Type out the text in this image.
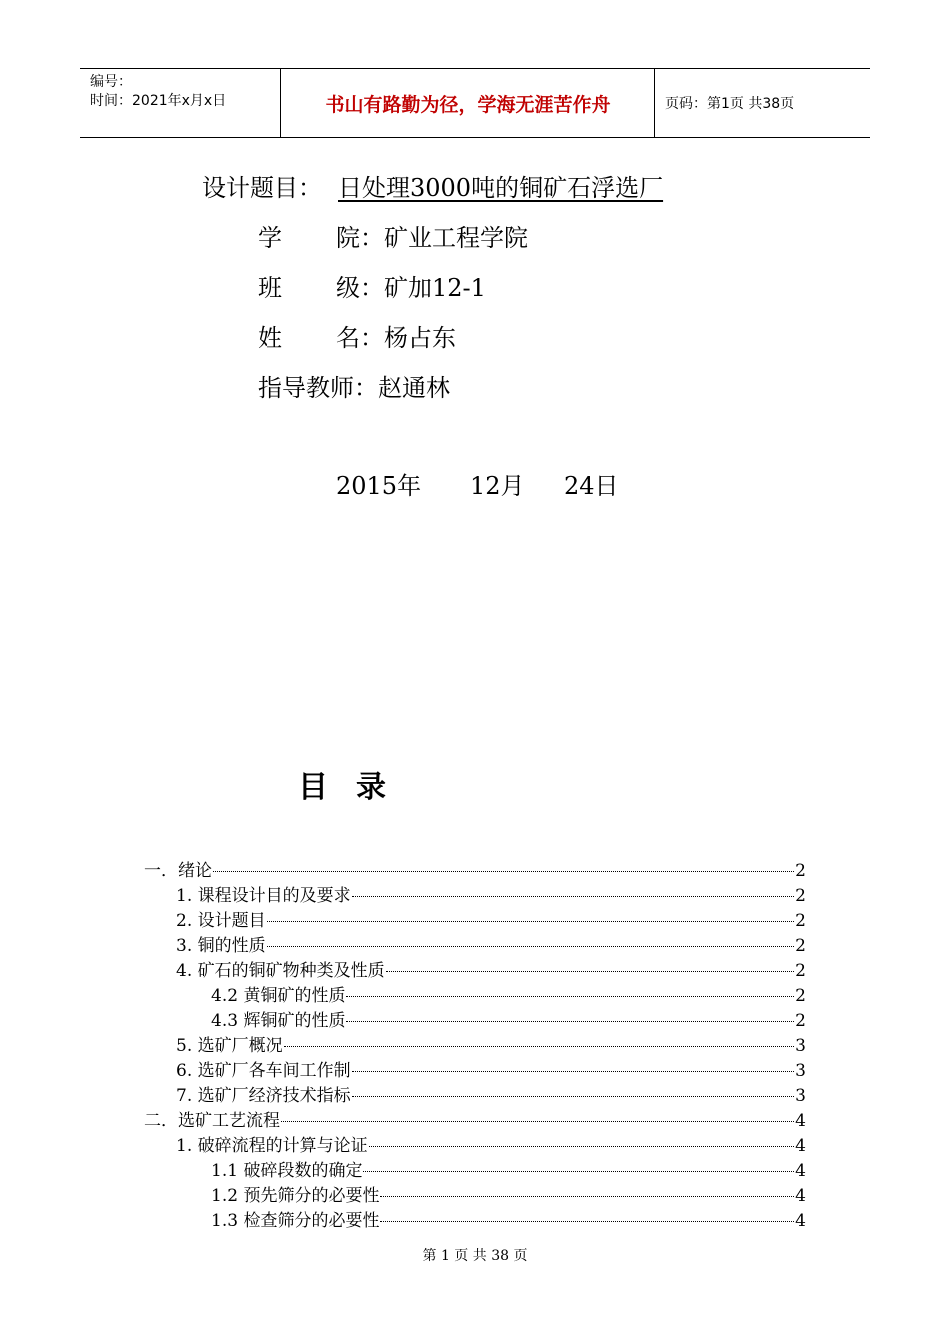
编号：
时间：2021年x月x日	书山有路勤为径，学海无涯苦作舟	页码：第1页 共38页
设计题目： 日处理3000吨的铜矿石浮选厂
学 院：矿业工程学院
班 级：矿加12-1
姓 名：杨占东
指导教师：赵通林
2015年 12月 24日
目 录
一．绪论	2
1. 课程设计目的及要求	2
2. 设计题目	2
3. 铜的性质	2
4. 矿石的铜矿物种类及性质	2
4.2 黄铜矿的性质	2
4.3 辉铜矿的性质	2
5. 选矿厂概况	3
6. 选矿厂各车间工作制	3
7. 选矿厂经济技术指标	3
二．选矿工艺流程	4
1. 破碎流程的计算与论证	4
1.1 破碎段数的确定	4
1.2 预先筛分的必要性	4
1.3 检查筛分的必要性	4
第 1 页 共 38 页
